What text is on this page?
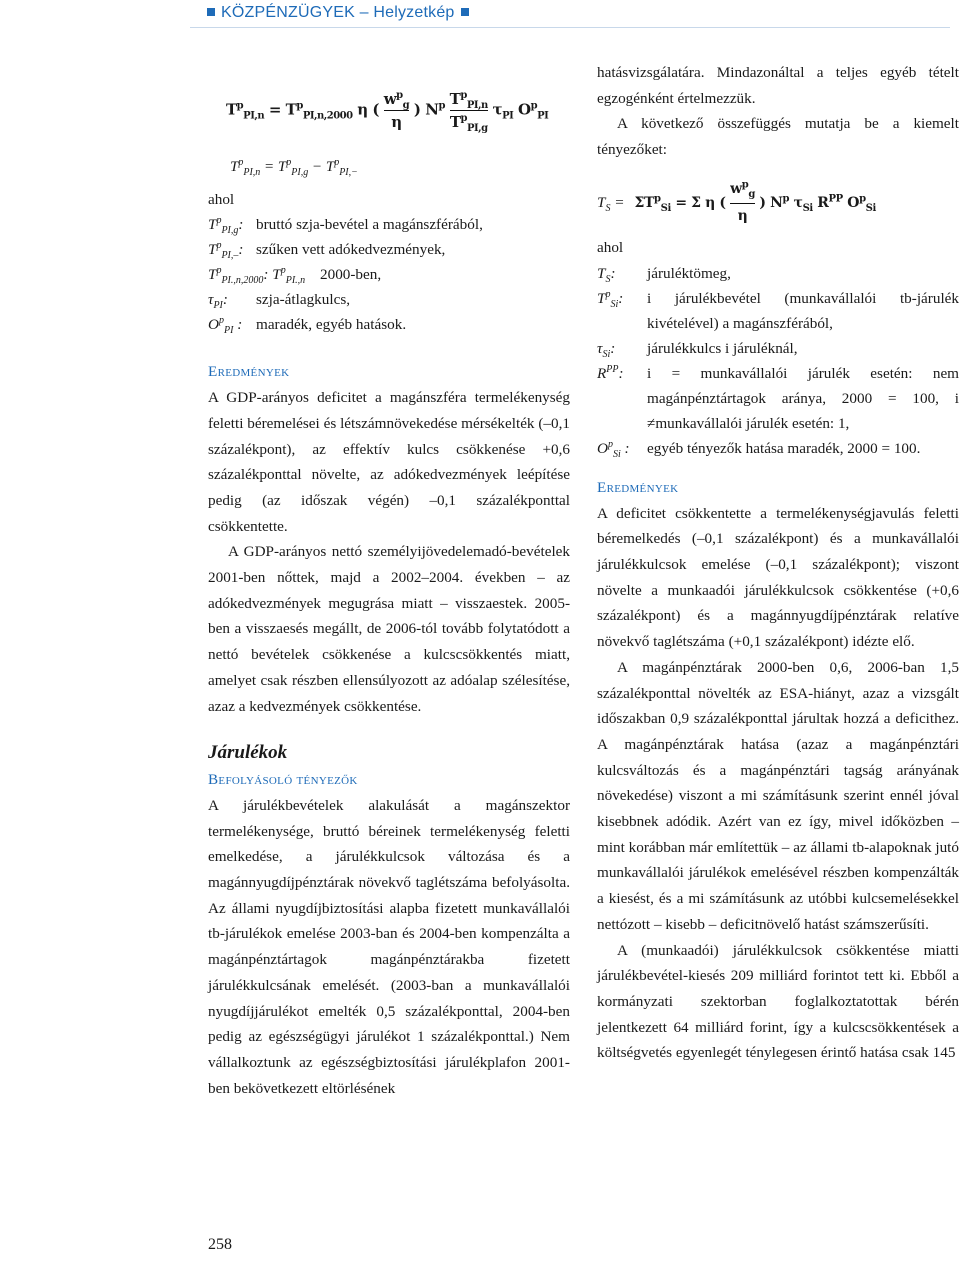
KÖZPÉNZÜGYEK – Helyzetkép
$T^p_{PI,n} = T^p_{PI,n,2000}$ η ( $\frac{w^p_g}{\eta}$ ) $N^p \frac{T^p_{PI,n}}{T^p_{PI,g}} \tau_{PI}$ $O^p_{PI}$
$T^p_{PI,n} = T^p_{PI,g} - T^p_{PI,-}$
ahol
$T^p_{PI,g}$: bruttó szja-bevétel a magánszférából,
$T^p_{PI,-}$: szűken vett adókedvezmények,
$T^p_{PI.,n,2000}$: $T^p_{PI.,n}$ 2000-ben,
$\tau_{PI}$:	szja-átlagkulcs,
$O^p_{PI}$ : maradék, egyéb hatások.

Eredmények

A GDP-arányos deficitet a magánszféra termelékenység feletti béremelései és létszámnövekedése mérsékelték (–0,1 százalékpont), az effektív kulcs csökkenése +0,6 százalékponttal növelte, az adókedvezmények leépítése pedig (az időszak végén) –0,1 százalékponttal csökkentette.

A GDP-arányos nettó személyijövedelemadó-bevételek 2001-ben nőttek, majd a 2002–2004. években – az adókedvezmények megugrása miatt – visszaestek. 2005-ben a visszaesés megállt, de 2006-tól tovább folytatódott a nettó bevételek csökkenése a kulcscsökkentés miatt, amelyet csak részben ellensúlyozott az adóalap szélesítése, azaz a kedvezmények csökkentése.

Járulékok

Befolyásoló tényezők

A járulékbevételek alakulását a magánszektor termelékenysége, bruttó béreinek termelékenység feletti emelkedése, a járulékkulcsok változása és a magánnyugdíjpénztárak növekvő taglétszáma befolyásolta. Az állami nyugdíjbiztosítási alapba fizetett munkavállalói tb-járulékok emelése 2003-ban és 2004-ben kompenzálta a magánpénztártagok magánpénztárakba fizetett járulékkulcsának emelését. (2003-ban a munkavállalói nyugdíjjárulékot emelték 0,5 százalékponttal, 2004-ben pedig az egészségügyi járulékot 1 százalékponttal.) Nem vállalkoztunk az egészségbiztosítási járulékplafon 2001-ben bekövetkezett eltörlésének

hatásvizsgálatára. Mindazonáltal a teljes egyéb tételt egzogénként értelmezzük.

A következő összefüggés mutatja be a kiemelt tényezőket:

$T_S = \Sigma T^p_{Si} = \Sigma$ η (
$w^p_g$
η
) $N^p$ $\tau_{Si}$ $R^{PP}$ $O^p_{Si}$
ahol
$T_S$:	járuléktömeg,
$T^p_{Si}$:	i járulékbevétel (munkavállalói tb-járulék kivételével) a magánszférából,
$\tau_{Si}$:	járulékkulcs i járuléknál,
$R^{PP}$:	i = munkavállalói járulék esetén: nem magánpénztártagok aránya, 2000 = 100, i ≠munkavállalói járulék esetén: 1,
$O^p_{Si}$ :	egyéb tényezők hatása maradék, 2000 = 100.

Eredmények

A deficitet csökkentette a termelékenységjavulás feletti béremelkedés (–0,1 százalékpont) és a munkavállalói járulékkulcsok emelése (–0,1 százalékpont); viszont növelte a munkaadói járulékkulcsok csökkentése (+0,6 százalékpont) és a magánnyugdíjpénztárak relatíve növekvő taglétszáma (+0,1 százalékpont) idézte elő.

A magánpénztárak 2000-ben 0,6, 2006-ban 1,5 százalékponttal növelték az ESA-hiányt, azaz a vizsgált időszakban 0,9 százalékponttal járultak hozzá a deficithez. A magánpénztárak hatása (azaz a magánpénztári kulcsváltozás és a magánpénztári tagság arányának növekedése) viszont a mi számításunk szerint ennél jóval kisebbnek adódik. Azért van ez így, mivel időközben – mint korábban már említettük – az állami tb-alapoknak jutó munkavállalói járulékok emelésével részben kompenzálták a kiesést, és a mi számításunk az utóbbi kulcsemelésekkel nettózott – kisebb – deficitnövelő hatást számszerűsíti.

A (munkaadói) járulékkulcsok csökkentése miatti járulékbevétel-kiesés 209 milliárd forintot tett ki. Ebből a kormányzati szektorban foglalkoztatottak bérén jelentkezett 64 milliárd forint, így a kulcscsökkentések a költségvetés egyenlegét ténylegesen érintő hatása csak 145

258
